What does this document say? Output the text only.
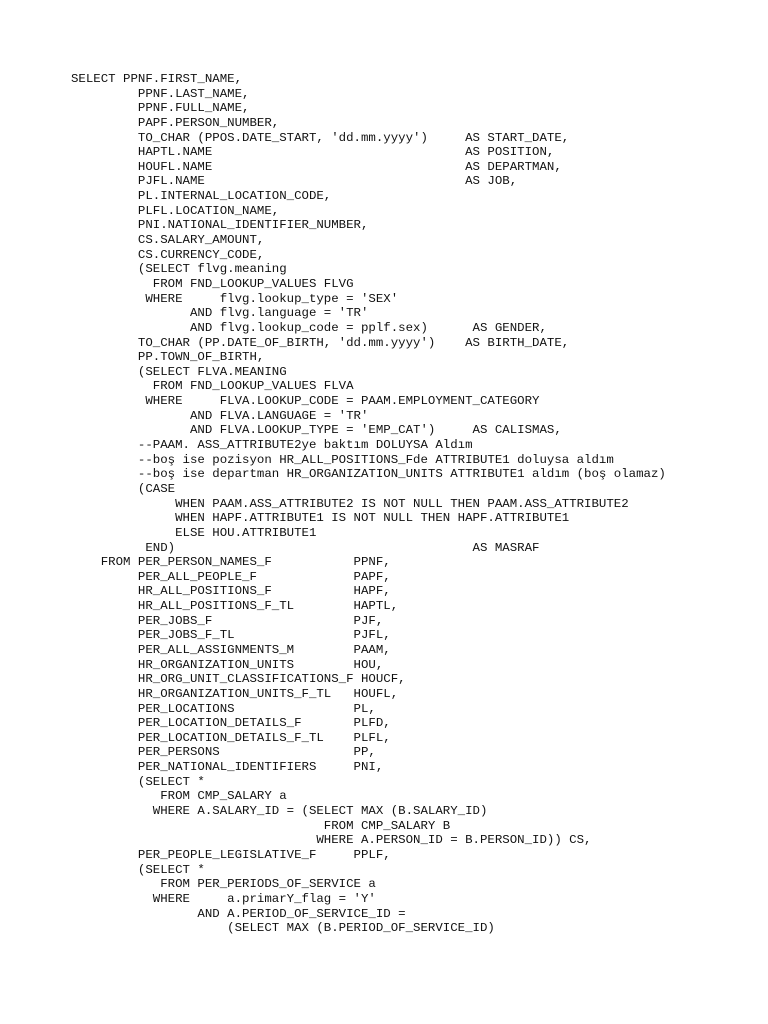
SELECT PPNF.FIRST_NAME,
PPNF.LAST_NAME,
PPNF.FULL_NAME,
PAPF.PERSON_NUMBER,
TO_CHAR (PPOS.DATE_START, 'dd.mm.yyyy')     AS START_DATE,
HAPTL.NAME                                  AS POSITION,
HOUFL.NAME                                  AS DEPARTMAN,
PJFL.NAME                                   AS JOB,
PL.INTERNAL_LOCATION_CODE,
PLFL.LOCATION_NAME,
PNI.NATIONAL_IDENTIFIER_NUMBER,
CS.SALARY_AMOUNT,
CS.CURRENCY_CODE,
(SELECT flvg.meaning
FROM FND_LOOKUP_VALUES FLVG
WHERE     flvg.lookup_type = 'SEX'
AND flvg.language = 'TR'
AND flvg.lookup_code = pplf.sex)      AS GENDER,
TO_CHAR (PP.DATE_OF_BIRTH, 'dd.mm.yyyy')    AS BIRTH_DATE,
PP.TOWN_OF_BIRTH,
(SELECT FLVA.MEANING
FROM FND_LOOKUP_VALUES FLVA
WHERE     FLVA.LOOKUP_CODE = PAAM.EMPLOYMENT_CATEGORY
AND FLVA.LANGUAGE = 'TR'
AND FLVA.LOOKUP_TYPE = 'EMP_CAT')     AS CALISMAS,
--PAAM. ASS_ATTRIBUTE2ye baktım DOLUYSA Aldım
--boş ise pozisyon HR_ALL_POSITIONS_Fde ATTRIBUTE1 doluysa aldım
--boş ise departman HR_ORGANIZATION_UNITS ATTRIBUTE1 aldım (boş olamaz)
(CASE
WHEN PAAM.ASS_ATTRIBUTE2 IS NOT NULL THEN PAAM.ASS_ATTRIBUTE2
WHEN HAPF.ATTRIBUTE1 IS NOT NULL THEN HAPF.ATTRIBUTE1
ELSE HOU.ATTRIBUTE1
END)                                        AS MASRAF
FROM PER_PERSON_NAMES_F           PPNF,
PER_ALL_PEOPLE_F             PAPF,
HR_ALL_POSITIONS_F           HAPF,
HR_ALL_POSITIONS_F_TL        HAPTL,
PER_JOBS_F                   PJF,
PER_JOBS_F_TL                PJFL,
PER_ALL_ASSIGNMENTS_M        PAAM,
HR_ORGANIZATION_UNITS        HOU,
HR_ORG_UNIT_CLASSIFICATIONS_F HOUCF,
HR_ORGANIZATION_UNITS_F_TL   HOUFL,
PER_LOCATIONS                PL,
PER_LOCATION_DETAILS_F       PLFD,
PER_LOCATION_DETAILS_F_TL    PLFL,
PER_PERSONS                  PP,
PER_NATIONAL_IDENTIFIERS     PNI,
(SELECT *
FROM CMP_SALARY a
WHERE A.SALARY_ID = (SELECT MAX (B.SALARY_ID)
FROM CMP_SALARY B
WHERE A.PERSON_ID = B.PERSON_ID)) CS,
PER_PEOPLE_LEGISLATIVE_F     PPLF,
(SELECT *
FROM PER_PERIODS_OF_SERVICE a
WHERE     a.primarY_flag = 'Y'
AND A.PERIOD_OF_SERVICE_ID =
(SELECT MAX (B.PERIOD_OF_SERVICE_ID)
